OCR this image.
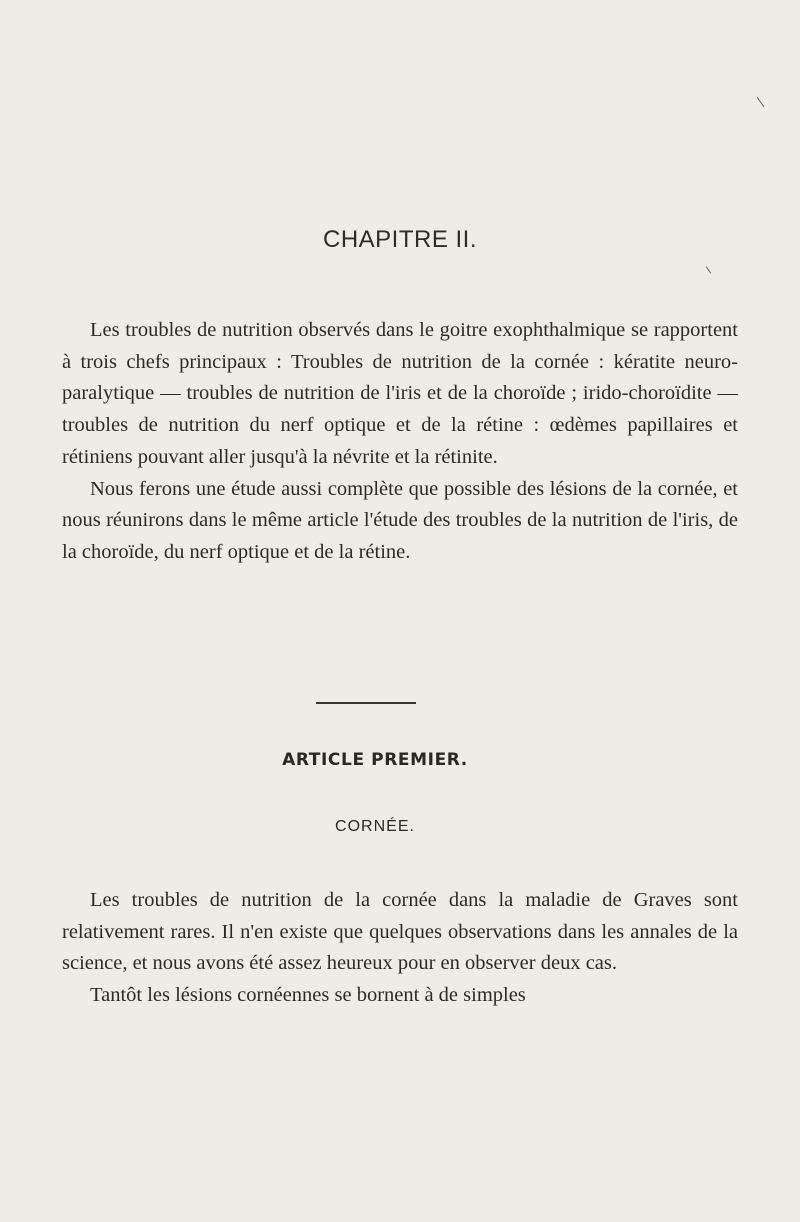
CHAPITRE II.

Les troubles de nutrition observés dans le goitre exophthalmique se rapportent à trois chefs principaux : Troubles de nutrition de la cornée : kératite neuro-paralytique — troubles de nutrition de l'iris et de la choroïde ; irido-choroïdite — troubles de nutrition du nerf optique et de la rétine : œdèmes papillaires et rétiniens pouvant aller jusqu'à la névrite et la rétinite.

Nous ferons une étude aussi complète que possible des lésions de la cornée, et nous réunirons dans le même article l'étude des troubles de la nutrition de l'iris, de la choroïde, du nerf optique et de la rétine.

ARTICLE PREMIER.
CORNÉE.

Les troubles de nutrition de la cornée dans la maladie de Graves sont relativement rares. Il n'en existe que quelques observations dans les annales de la science, et nous avons été assez heureux pour en observer deux cas.

Tantôt les lésions cornéennes se bornent à de simples
